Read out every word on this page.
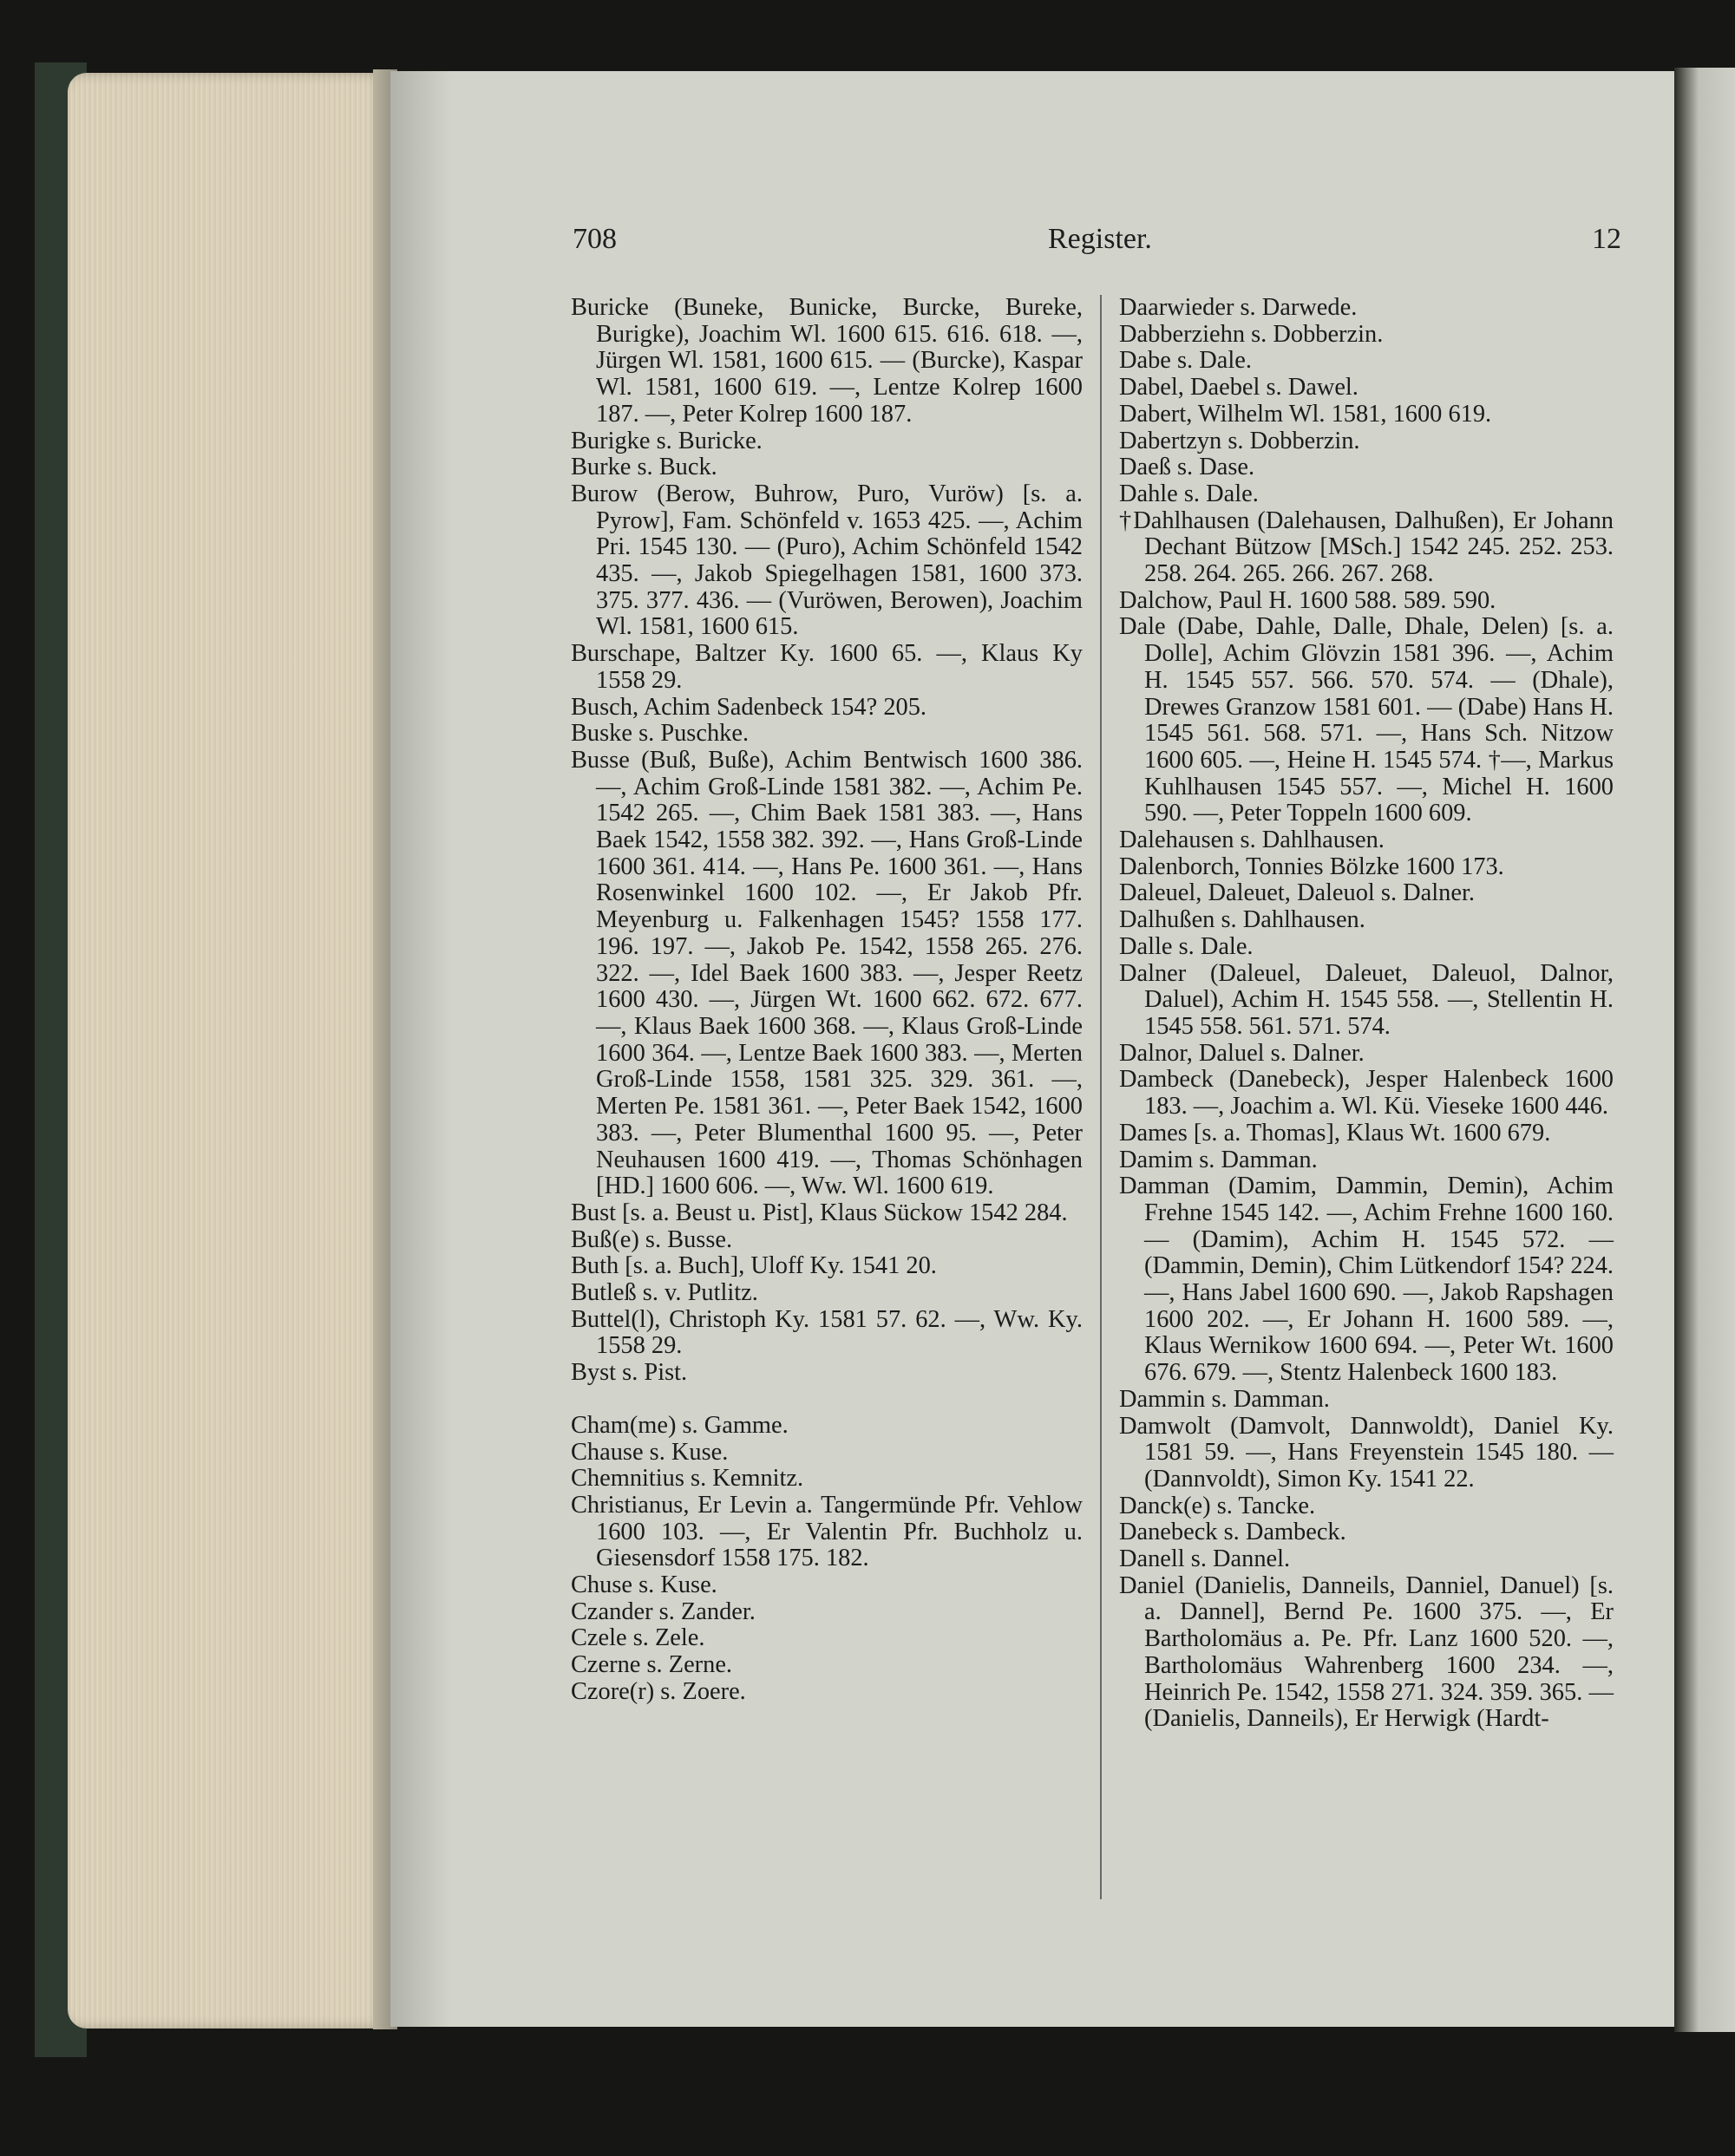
708	Register.	12

Buricke (Buneke, Bunicke, Burcke, Bureke, Burigke), Joachim Wl. 1600 615. 616. 618. —, Jürgen Wl. 1581, 1600 615. — (Burcke), Kaspar Wl. 1581, 1600 619. —, Lentze Kolrep 1600 187. —, Peter Kolrep 1600 187.

Burigke s. Buricke.

Burke s. Buck.

Burow (Berow, Buhrow, Puro, Vuröw) [s. a. Pyrow], Fam. Schönfeld v. 1653 425. —, Achim Pri. 1545 130. — (Puro), Achim Schönfeld 1542 435. —, Jakob Spiegelhagen 1581, 1600 373. 375. 377. 436. — (Vuröwen, Berowen), Joachim Wl. 1581, 1600 615.

Burschape, Baltzer Ky. 1600 65. —, Klaus Ky 1558 29.

Busch, Achim Sadenbeck 154? 205.

Buske s. Puschke.

Busse (Buß, Buße), Achim Bentwisch 1600 386. —, Achim Groß-Linde 1581 382. —, Achim Pe. 1542 265. —, Chim Baek 1581 383. —, Hans Baek 1542, 1558 382. 392. —, Hans Groß-Linde 1600 361. 414. —, Hans Pe. 1600 361. —, Hans Rosenwinkel 1600 102. —, Er Jakob Pfr. Meyenburg u. Falkenhagen 1545? 1558 177. 196. 197. —, Jakob Pe. 1542, 1558 265. 276. 322. —, Idel Baek 1600 383. —, Jesper Reetz 1600 430. —, Jürgen Wt. 1600 662. 672. 677. —, Klaus Baek 1600 368. —, Klaus Groß-Linde 1600 364. —, Lentze Baek 1600 383. —, Merten Groß-Linde 1558, 1581 325. 329. 361. —, Merten Pe. 1581 361. —, Peter Baek 1542, 1600 383. —, Peter Blumenthal 1600 95. —, Peter Neuhausen 1600 419. —, Thomas Schönhagen [HD.] 1600 606. —, Ww. Wl. 1600 619.

Bust [s. a. Beust u. Pist], Klaus Sückow 1542 284.

Buß(e) s. Busse.

Buth [s. a. Buch], Uloff Ky. 1541 20.

Butleß s. v. Putlitz.

Buttel(l), Christoph Ky. 1581 57. 62. —, Ww. Ky. 1558 29.

Byst s. Pist.

Cham(me) s. Gamme.

Chause s. Kuse.

Chemnitius s. Kemnitz.

Christianus, Er Levin a. Tangermünde Pfr. Vehlow 1600 103. —, Er Valentin Pfr. Buchholz u. Giesensdorf 1558 175. 182.

Chuse s. Kuse.

Czander s. Zander.

Czele s. Zele.

Czerne s. Zerne.

Czore(r) s. Zoere.

Daarwieder s. Darwede.

Dabberziehn s. Dobberzin.

Dabe s. Dale.

Dabel, Daebel s. Dawel.

Dabert, Wilhelm Wl. 1581, 1600 619.

Dabertzyn s. Dobberzin.

Daeß s. Dase.

Dahle s. Dale.

†Dahlhausen (Dalehausen, Dalhußen), Er Johann Dechant Bützow [MSch.] 1542 245. 252. 253. 258. 264. 265. 266. 267. 268.

Dalchow, Paul H. 1600 588. 589. 590.

Dale (Dabe, Dahle, Dalle, Dhale, Delen) [s. a. Dolle], Achim Glövzin 1581 396. —, Achim H. 1545 557. 566. 570. 574. — (Dhale), Drewes Granzow 1581 601. — (Dabe) Hans H. 1545 561. 568. 571. —, Hans Sch. Nitzow 1600 605. —, Heine H. 1545 574. †—, Markus Kuhlhausen 1545 557. —, Michel H. 1600 590. —, Peter Toppeln 1600 609.

Dalehausen s. Dahlhausen.

Dalenborch, Tonnies Bölzke 1600 173.

Daleuel, Daleuet, Daleuol s. Dalner.

Dalhußen s. Dahlhausen.

Dalle s. Dale.

Dalner (Daleuel, Daleuet, Daleuol, Dalnor, Daluel), Achim H. 1545 558. —, Stellentin H. 1545 558. 561. 571. 574.

Dalnor, Daluel s. Dalner.

Dambeck (Danebeck), Jesper Halenbeck 1600 183. —, Joachim a. Wl. Kü. Vieseke 1600 446.

Dames [s. a. Thomas], Klaus Wt. 1600 679.

Damim s. Damman.

Damman (Damim, Dammin, Demin), Achim Frehne 1545 142. —, Achim Frehne 1600 160. — (Damim), Achim H. 1545 572. — (Dammin, Demin), Chim Lütkendorf 154? 224. —, Hans Jabel 1600 690. —, Jakob Rapshagen 1600 202. —, Er Johann H. 1600 589. —, Klaus Wernikow 1600 694. —, Peter Wt. 1600 676. 679. —, Stentz Halenbeck 1600 183.

Dammin s. Damman.

Damwolt (Damvolt, Dannwoldt), Daniel Ky. 1581 59. —, Hans Freyenstein 1545 180. — (Dannvoldt), Simon Ky. 1541 22.

Danck(e) s. Tancke.

Danebeck s. Dambeck.

Danell s. Dannel.

Daniel (Danielis, Danneils, Danniel, Danuel) [s. a. Dannel], Bernd Pe. 1600 375. —, Er Bartholomäus a. Pe. Pfr. Lanz 1600 520. —, Bartholomäus Wahrenberg 1600 234. —, Heinrich Pe. 1542, 1558 271. 324. 359. 365. — (Danielis, Danneils), Er Herwigk (Hardt-
